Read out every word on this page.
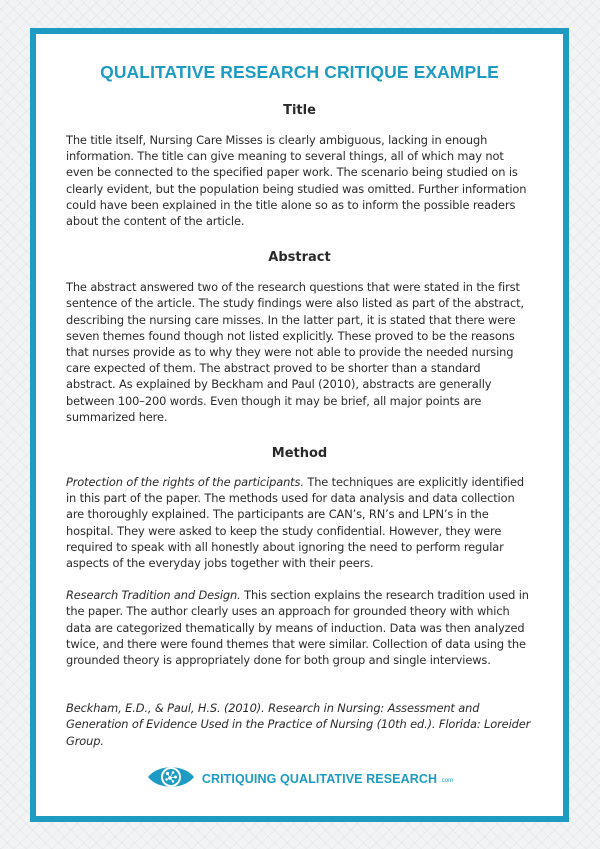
QUALITATIVE RESEARCH CRITIQUE EXAMPLE
Title

The title itself, Nursing Care Misses is clearly ambiguous, lacking in enough information. The title can give meaning to several things, all of which may not even be connected to the specified paper work. The scenario being studied on is clearly evident, but the population being studied was omitted. Further information could have been explained in the title alone so as to inform the possible readers about the content of the article.

Abstract

The abstract answered two of the research questions that were stated in the first sentence of the article. The study findings were also listed as part of the abstract, describing the nursing care misses. In the latter part, it is stated that there were seven themes found though not listed explicitly. These proved to be the reasons that nurses provide as to why they were not able to provide the needed nursing care expected of them. The abstract proved to be shorter than a standard abstract. As explained by Beckham and Paul (2010), abstracts are generally between 100–200 words. Even though it may be brief, all major points are summarized here.

Method

Protection of the rights of the participants. The techniques are explicitly identified in this part of the paper. The methods used for data analysis and data collection are thoroughly explained. The participants are CAN’s, RN’s and LPN’s in the hospital. They were asked to keep the study confidential. However, they were required to speak with all honestly about ignoring the need to perform regular aspects of the everyday jobs together with their peers.

Research Tradition and Design. This section explains the research tradition used in the paper. The author clearly uses an approach for grounded theory with which data are categorized thematically by means of induction. Data was then analyzed twice, and there were found themes that were similar. Collection of data using the grounded theory is appropriately done for both group and single interviews.

Beckham, E.D., & Paul, H.S. (2010). Research in Nursing: Assessment and Generation of Evidence Used in the Practice of Nursing (10th ed.). Florida: Loreider Group.

CRITIQUING QUALITATIVE RESEARCH .com
